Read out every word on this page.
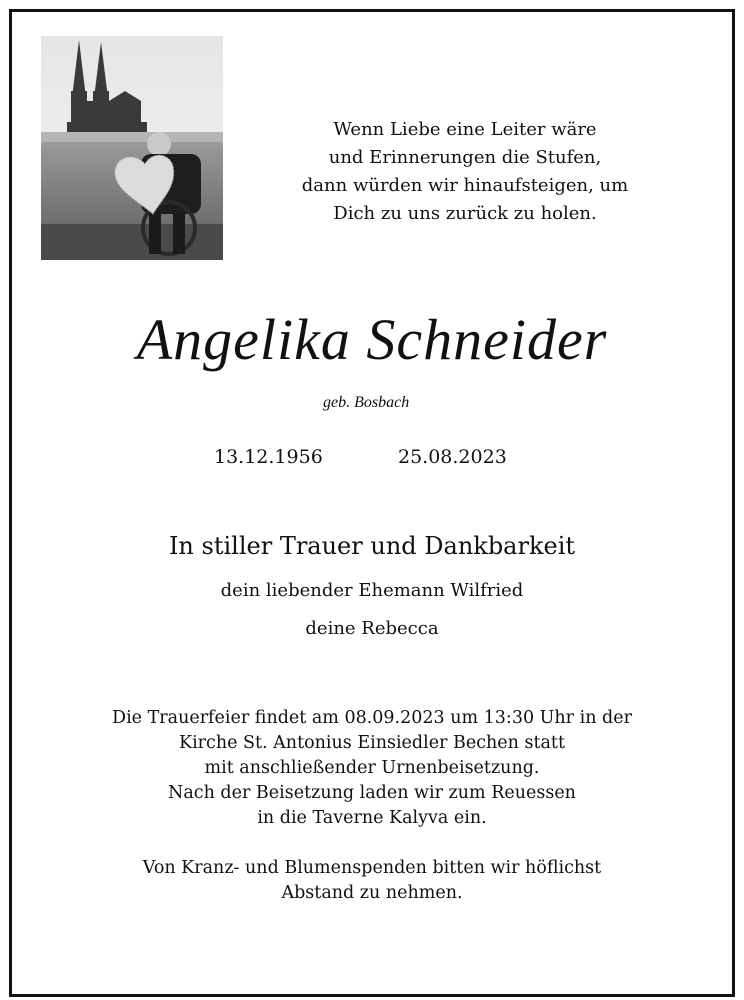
Wenn Liebe eine Leiter wäre
und Erinnerungen die Stufen,
dann würden wir hinaufsteigen, um
Dich zu uns zurück zu holen.
Angelika Schneider
geb. Bosbach
13.12.1956	25.08.2023
In stiller Trauer und Dankbarkeit
dein liebender Ehemann Wilfried
deine Rebecca
Die Trauerfeier findet am 08.09.2023 um 13:30 Uhr in der
Kirche St. Antonius Einsiedler Bechen statt
mit anschließender Urnenbeisetzung.
Nach der Beisetzung laden wir zum Reuessen
in die Taverne Kalyva ein.
Von Kranz- und Blumenspenden bitten wir höflichst
Abstand zu nehmen.
